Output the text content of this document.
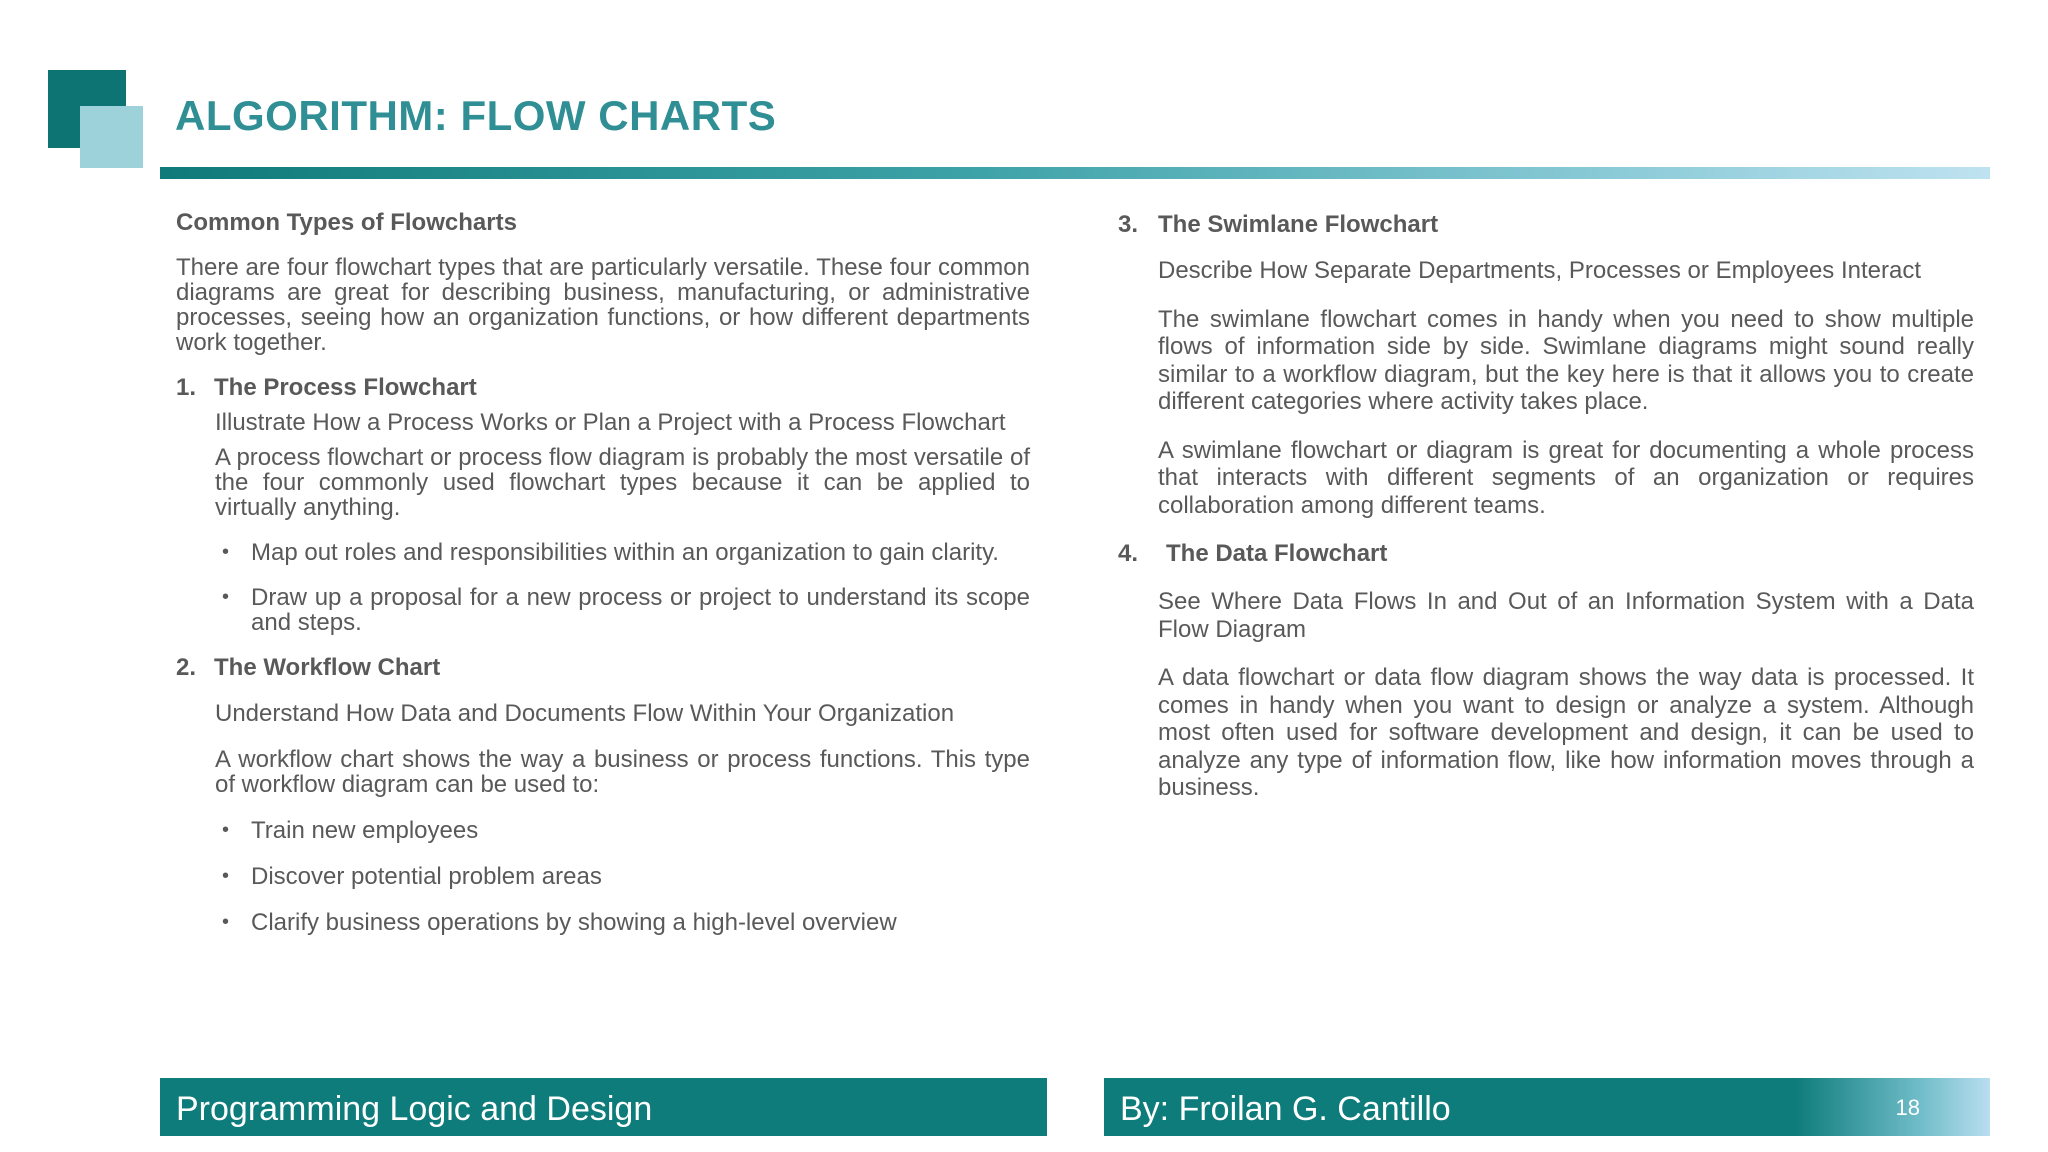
ALGORITHM: FLOW CHARTS
Common Types of Flowcharts

There are four flowchart types that are particularly versatile. These four common diagrams are great for describing business, manufacturing, or administrative processes, seeing how an organization functions, or how different departments work together.

1. The Process Flowchart

Illustrate How a Process Works or Plan a Project with a Process Flowchart

A process flowchart or process flow diagram is probably the most versatile of the four commonly used flowchart types because it can be applied to virtually anything.

• Map out roles and responsibilities within an organization to gain clarity.
• Draw up a proposal for a new process or project to understand its scope and steps.
2. The Workflow Chart

Understand How Data and Documents Flow Within Your Organization

A workflow chart shows the way a business or process functions. This type of workflow diagram can be used to:

• Train new employees
• Discover potential problem areas
• Clarify business operations by showing a high-level overview
3. The Swimlane Flowchart

Describe How Separate Departments, Processes or Employees Interact

The swimlane flowchart comes in handy when you need to show multiple flows of information side by side. Swimlane diagrams might sound really similar to a workflow diagram, but the key here is that it allows you to create different categories where activity takes place.

A swimlane flowchart or diagram is great for documenting a whole process that interacts with different segments of an organization or requires collaboration among different teams.

4.	The Data Flowchart

See Where Data Flows In and Out of an Information System with a Data Flow Diagram

A data flowchart or data flow diagram shows the way data is processed. It comes in handy when you want to design or analyze a system. Although most often used for software development and design, it can be used to analyze any type of information flow, like how information moves through a business.

Programming Logic and Design	By: Froilan G. Cantillo	18
